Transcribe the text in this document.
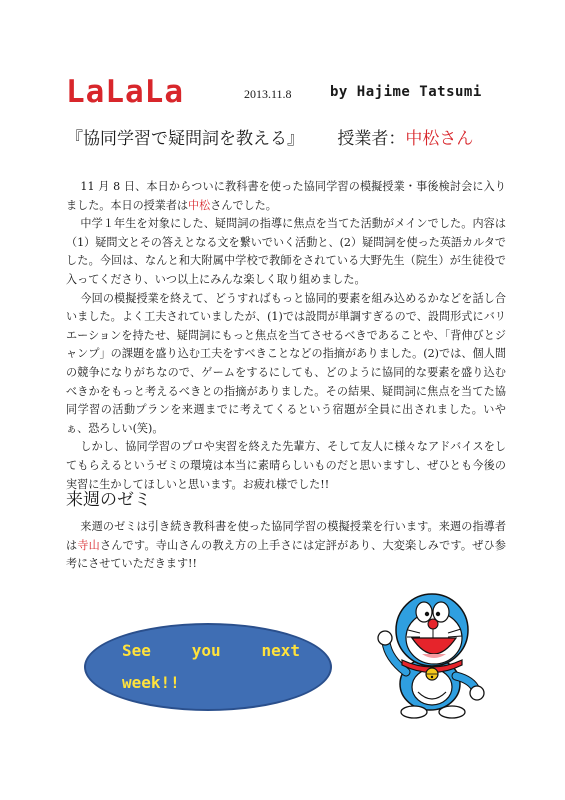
LaLaLa	2013.11.8	by Hajime Tatsumi
『協同学習で疑問詞を教える』 授業者：中松さん

11 月 8 日、本日からついに教科書を使った協同学習の模擬授業・事後検討会に入りました。本日の授業者は中松さんでした。

中学１年生を対象にした、疑問詞の指導に焦点を当てた活動がメインでした。内容は（1）疑問文とその答えとなる文を繋いでいく活動と、(2）疑問詞を使った英語カルタでした。今回は、なんと和大附属中学校で教師をされている大野先生（院生）が生徒役で入ってくださり、いつ以上にみんな楽しく取り組めました。

今回の模擬授業を終えて、どうすればもっと協同的要素を組み込めるかなどを話し合いました。よく工夫されていましたが、(1)では設問が単調すぎるので、設問形式にバリエーションを持たせ、疑問詞にもっと焦点を当てさせるべきであることや、「背伸びとジャンプ」の課題を盛り込む工夫をすべきことなどの指摘がありました。(2)では、個人間の競争になりがちなので、ゲームをするにしても、どのように協同的な要素を盛り込むべきかをもっと考えるべきとの指摘がありました。その結果、疑問詞に焦点を当てた協同学習の活動プランを来週までに考えてくるという宿題が全員に出されました。いやぁ、恐ろしい(笑)。

しかし、協同学習のプロや実習を終えた先輩方、そして友人に様々なアドバイスをしてもらえるというゼミの環境は本当に素晴らしいものだと思いますし、ぜひとも今後の実習に生かしてほしいと思います。お疲れ様でした!!

来週のゼミ

来週のゼミは引き続き教科書を使った協同学習の模擬授業を行います。来週の指導者は寺山さんです。寺山さんの教え方の上手さには定評があり、大変楽しみです。ぜひ参考にさせていただきます!!

See	you	next
week!!
